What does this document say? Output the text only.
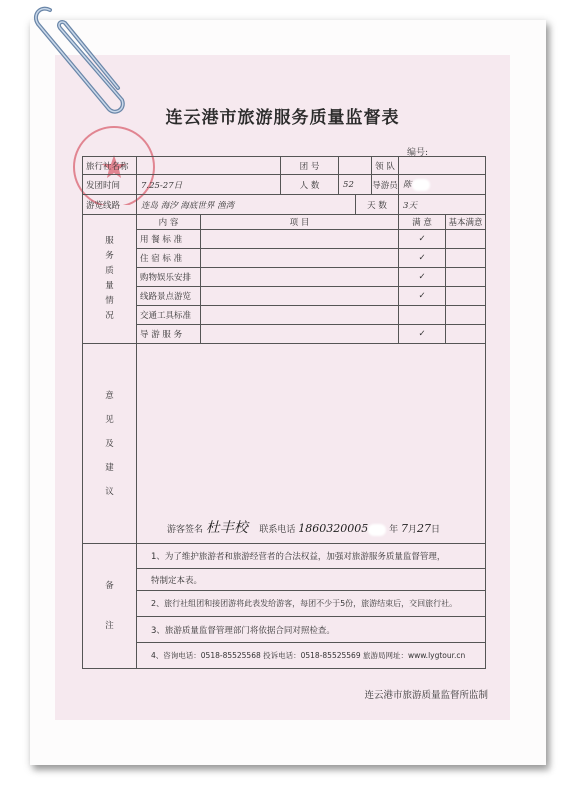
连云港市旅游服务质量监督表
编号:
旅行社名称			团 号			领 队			
发团时间	7.25-27日		人 数	52		导游员	陈		
游览线路	连岛 海汐 海底世界 渔湾				天 数		3天		
服务质量情况	内 容	项 目					满 意	基本满意	
	用 餐 标 准						✓		
	住 宿 标 准						✓		
	购物娱乐安排						✓		
	线路景点游览						✓		
	交通工具标准								
	导 游 服 务						✓		
意见及建议	游客签名 杜丰校 联系电话 1860320005 年 7月27日								

备注	1、为了维护旅游者和旅游经营者的合法权益，加强对旅游服务质量监督管理，								
	特制定本表。								
	2、旅行社组团和接团游将此表发给游客，每团不少于5份，旅游结束后，交回旅行社。								
	3、旅游质量监督管理部门将依据合同对照检查。								
	4、咨询电话：0518-85525568 投诉电话：0518-85525569 旅游局网址：www.lygtour.cn								
连云港市旅游质量监督所监制
